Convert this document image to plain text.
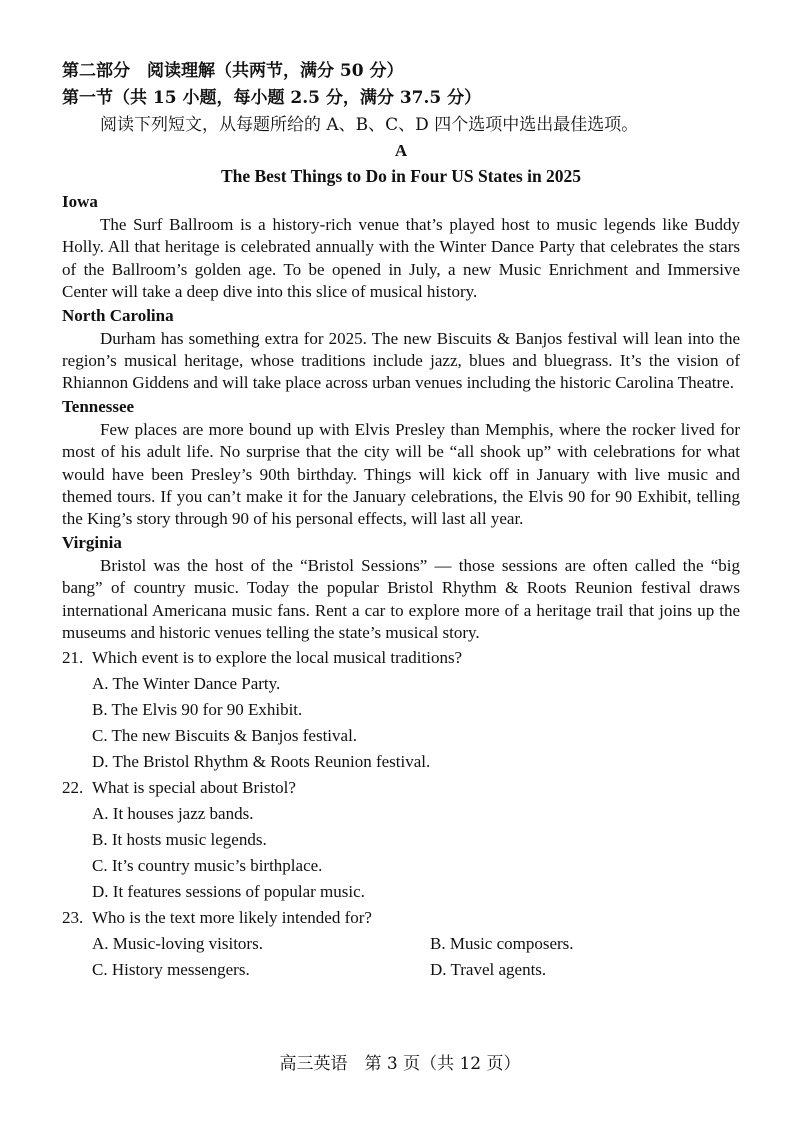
第二部分　阅读理解（共两节，满分 50 分）
第一节（共 15 小题，每小题 2.5 分，满分 37.5 分）
阅读下列短文，从每题所给的 A、B、C、D 四个选项中选出最佳选项。
A
The Best Things to Do in Four US States in 2025
Iowa
The Surf Ballroom is a history-rich venue that’s played host to music legends like Buddy Holly. All that heritage is celebrated annually with the Winter Dance Party that celebrates the stars of the Ballroom’s golden age. To be opened in July, a new Music Enrichment and Immersive Center will take a deep dive into this slice of musical history.
North Carolina
Durham has something extra for 2025. The new Biscuits & Banjos festival will lean into the region’s musical heritage, whose traditions include jazz, blues and bluegrass. It’s the vision of Rhiannon Giddens and will take place across urban venues including the historic Carolina Theatre.
Tennessee
Few places are more bound up with Elvis Presley than Memphis, where the rocker lived for most of his adult life. No surprise that the city will be “all shook up” with celebrations for what would have been Presley’s 90th birthday. Things will kick off in January with live music and themed tours. If you can’t make it for the January celebrations, the Elvis 90 for 90 Exhibit, telling the King’s story through 90 of his personal effects, will last all year.
Virginia
Bristol was the host of the “Bristol Sessions” — those sessions are often called the “big bang” of country music. Today the popular Bristol Rhythm & Roots Reunion festival draws international Americana music fans. Rent a car to explore more of a heritage trail that joins up the museums and historic venues telling the state’s musical story.
21. Which event is to explore the local musical traditions?
A. The Winter Dance Party.
B. The Elvis 90 for 90 Exhibit.
C. The new Biscuits & Banjos festival.
D. The Bristol Rhythm & Roots Reunion festival.
22. What is special about Bristol?
A. It houses jazz bands.
B. It hosts music legends.
C. It’s country music’s birthplace.
D. It features sessions of popular music.
23. Who is the text more likely intended for?
A. Music-loving visitors.	B. Music composers.
C. History messengers.	D. Travel agents.
高三英语　第 3 页（共 12 页）
